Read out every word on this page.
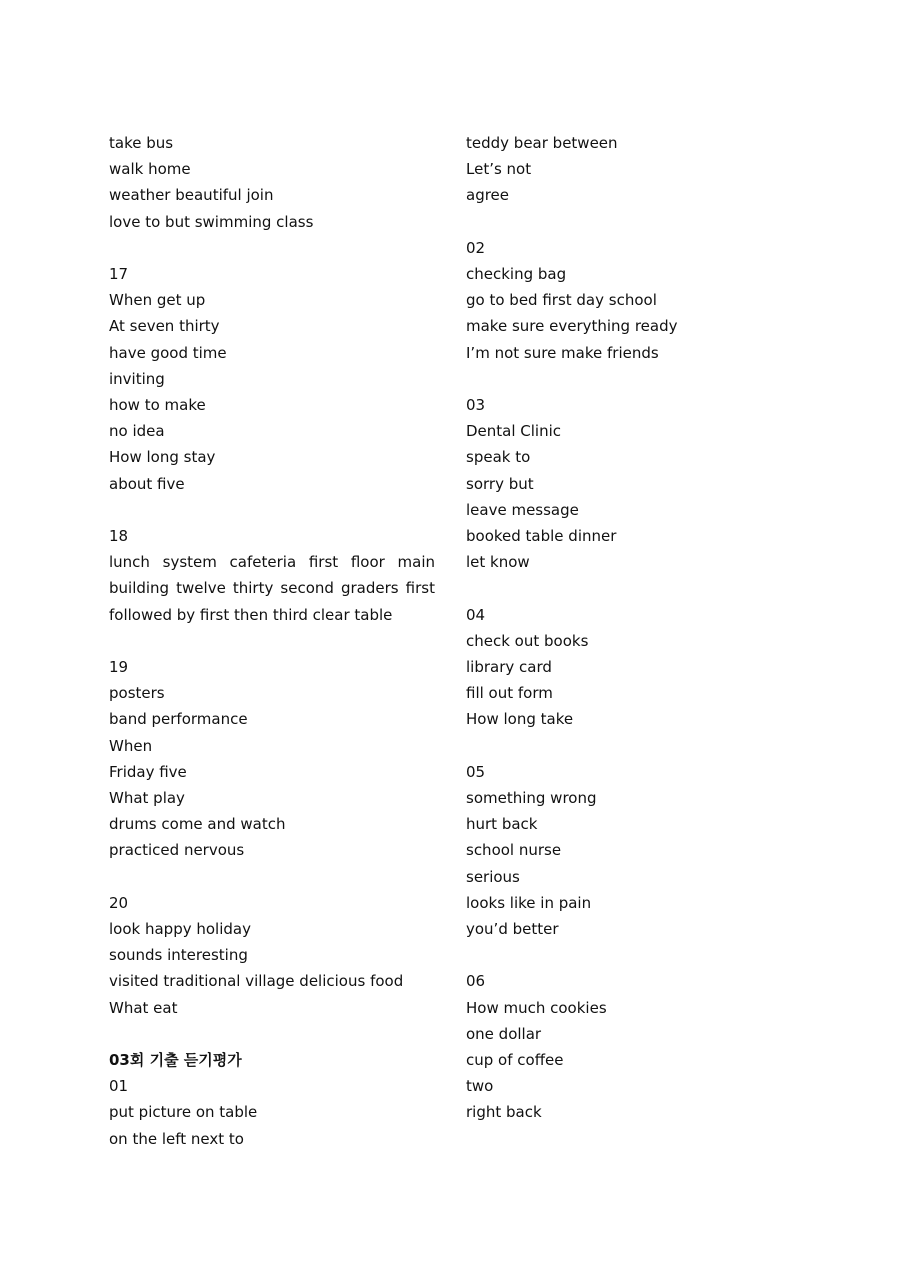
take bus
walk home
weather beautiful join
love to but swimming class
17
When get up
At seven thirty
have good time
inviting
how to make
no idea
How long stay
about five
18
lunch system cafeteria first floor main building twelve thirty second graders first followed by first then third clear table
19
posters
band performance
When
Friday five
What play
drums come and watch
practiced nervous
20
look happy holiday
sounds interesting
visited traditional village delicious food
What eat
03회 기출 듣기평가
01
put picture on table
on the left next to
teddy bear between
Let’s not
agree
02
checking bag
go to bed first day school
make sure everything ready
I’m not sure make friends
03
Dental Clinic
speak to
sorry but
leave message
booked table dinner
let know
04
check out books
library card
fill out form
How long take
05
something wrong
hurt back
school nurse
serious
looks like in pain
you’d better
06
How much cookies
one dollar
cup of coffee
two
right back
